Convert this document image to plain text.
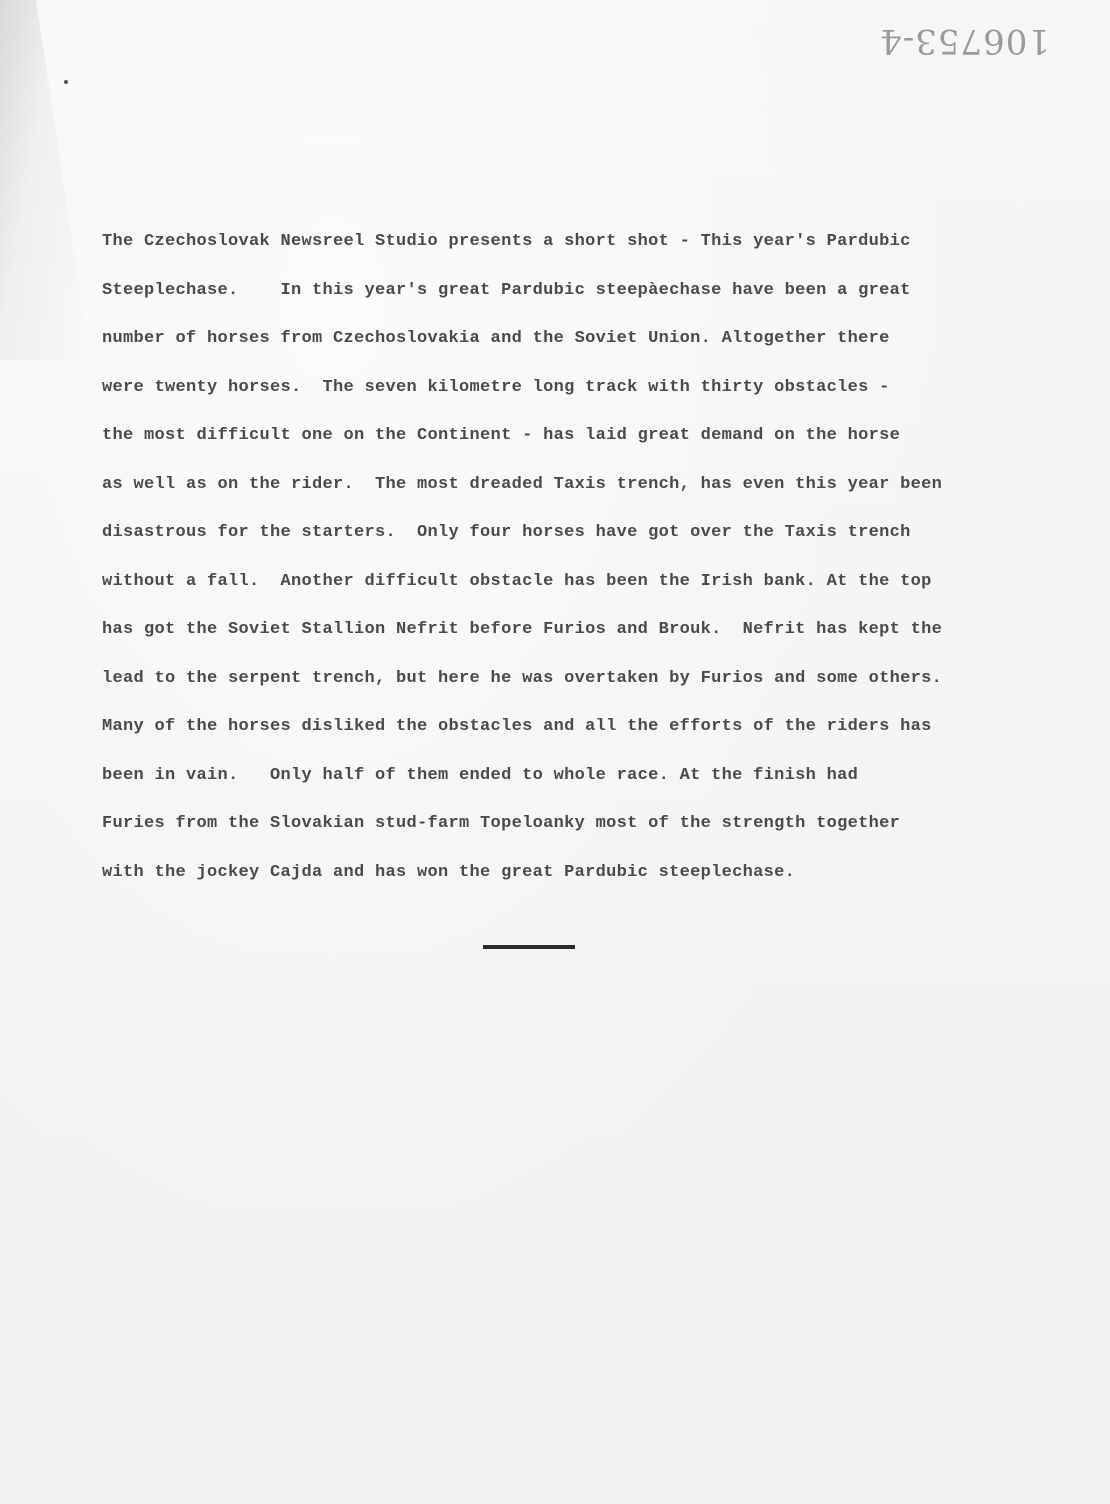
106753-4
The Czechoslovak Newsreel Studio presents a short shot - This year's Pardubic
Steeplechase.    In this year's great Pardubic steepàechase have been a great
number of horses from Czechoslovakia and the Soviet Union. Altogether there
were twenty horses.  The seven kilometre long track with thirty obstacles -
the most difficult one on the Continent - has laid great demand on the horse
as well as on the rider.  The most dreaded Taxis trench, has even this year been
disastrous for the starters.  Only four horses have got over the Taxis trench
without a fall.  Another difficult obstacle has been the Irish bank. At the top
has got the Soviet Stallion Nefrit before Furios and Brouk.  Nefrit has kept the
lead to the serpent trench, but here he was overtaken by Furios and some others.
Many of the horses disliked the obstacles and all the efforts of the riders has
been in vain.   Only half of them ended to whole race. At the finish had
Furies from the Slovakian stud-farm Topeloanky most of the strength together
with the jockey Cajda and has won the great Pardubic steeplechase.
